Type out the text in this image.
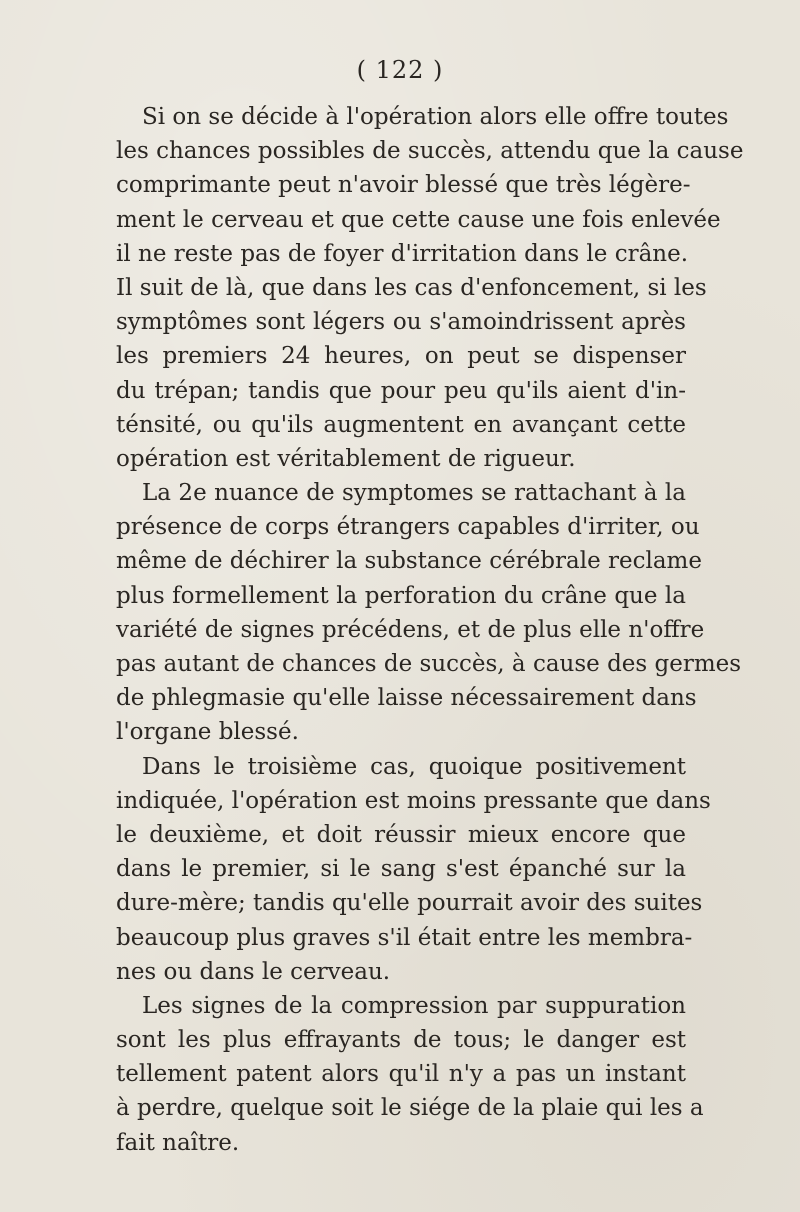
( 122 )
Si on se décide à l'opération alors elle offre toutes
les chances possibles de succès, attendu que la cause
comprimante peut n'avoir blessé que très légère-
ment le cerveau et que cette cause une fois enlevée
il ne reste pas de foyer d'irritation dans le crâne.
Il suit de là, que dans les cas d'enfoncement, si les
symptômes sont légers ou s'amoindrissent après
les premiers 24 heures, on peut se dispenser
du trépan; tandis que pour peu qu'ils aient d'in-
ténsité, ou qu'ils augmentent en avançant cette
opération est véritablement de rigueur.
La 2e nuance de symptomes se rattachant à la
présence de corps étrangers capables d'irriter, ou
même de déchirer la substance cérébrale reclame
plus formellement la perforation du crâne que la
variété de signes précédens, et de plus elle n'offre
pas autant de chances de succès, à cause des germes
de phlegmasie qu'elle laisse nécessairement dans
l'organe blessé.
Dans le troisième cas, quoique positivement
indiquée, l'opération est moins pressante que dans
le deuxième, et doit réussir mieux encore que
dans le premier, si le sang s'est épanché sur la
dure-mère; tandis qu'elle pourrait avoir des suites
beaucoup plus graves s'il était entre les membra-
nes ou dans le cerveau.
Les signes de la compression par suppuration
sont les plus effrayants de tous; le danger est
tellement patent alors qu'il n'y a pas un instant
à perdre, quelque soit le siége de la plaie qui les a
fait naître.
